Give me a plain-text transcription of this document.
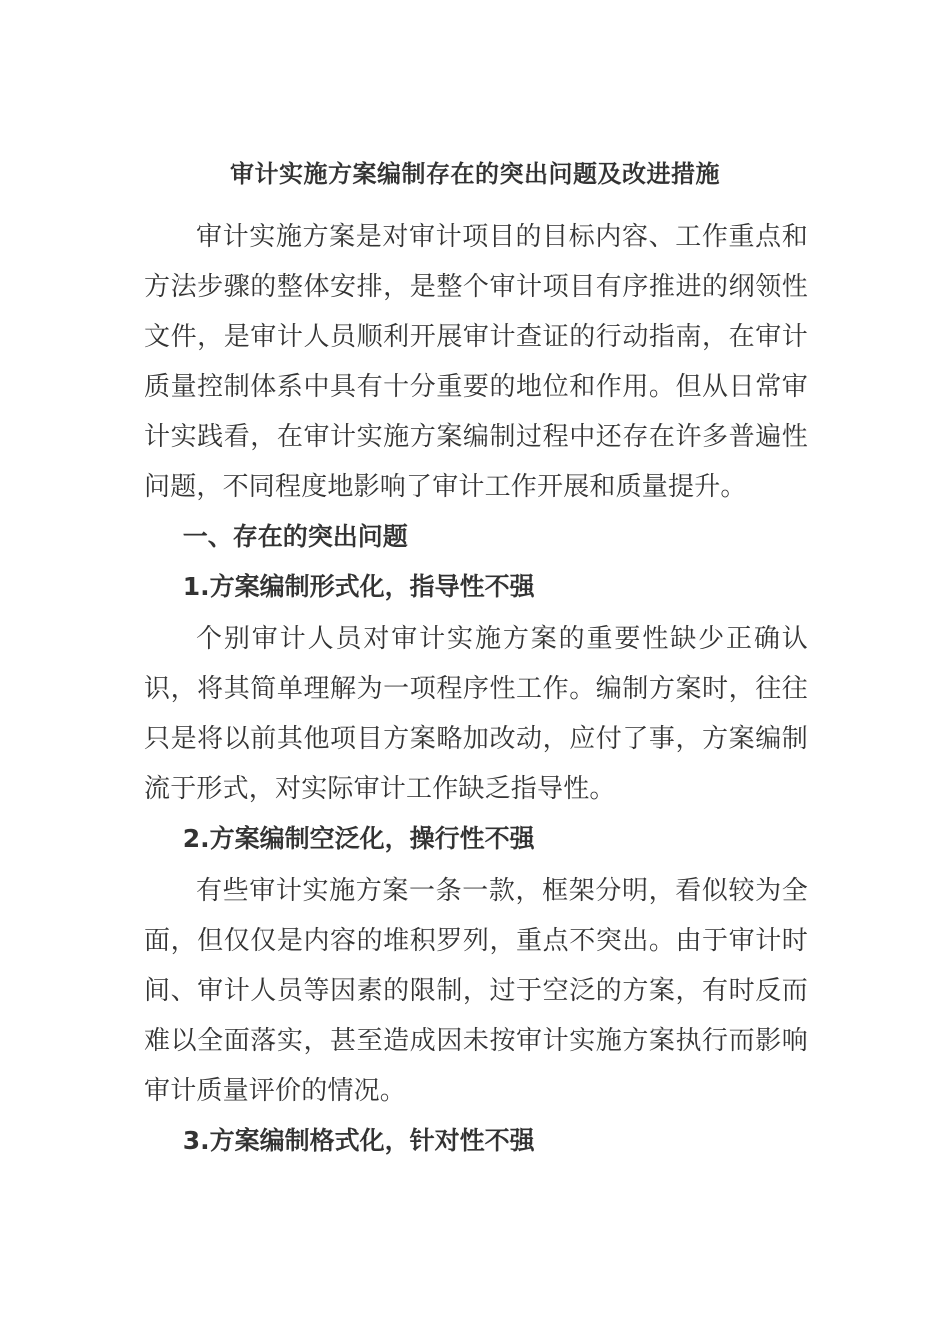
审计实施方案编制存在的突出问题及改进措施

审计实施方案是对审计项目的目标内容、工作重点和方法步骤的整体安排，是整个审计项目有序推进的纲领性文件，是审计人员顺利开展审计查证的行动指南，在审计质量控制体系中具有十分重要的地位和作用。但从日常审计实践看，在审计实施方案编制过程中还存在许多普遍性问题，不同程度地影响了审计工作开展和质量提升。

一、存在的突出问题
1.方案编制形式化，指导性不强

个别审计人员对审计实施方案的重要性缺少正确认识，将其简单理解为一项程序性工作。编制方案时，往往只是将以前其他项目方案略加改动，应付了事，方案编制流于形式，对实际审计工作缺乏指导性。

2.方案编制空泛化，操行性不强

有些审计实施方案一条一款，框架分明，看似较为全面，但仅仅是内容的堆积罗列，重点不突出。由于审计时间、审计人员等因素的限制，过于空泛的方案，有时反而难以全面落实，甚至造成因未按审计实施方案执行而影响审计质量评价的情况。

3.方案编制格式化，针对性不强
